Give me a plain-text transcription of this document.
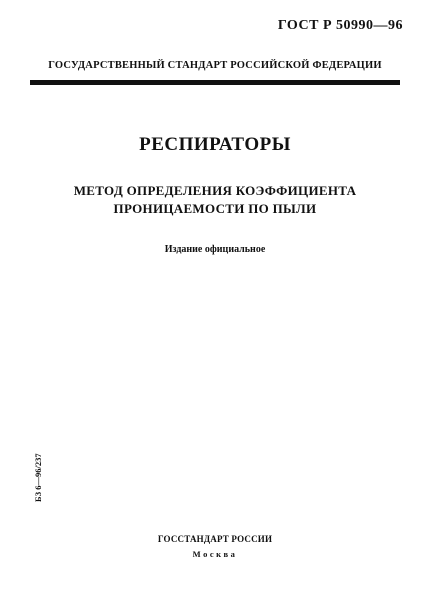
ГОСТ Р 50990—96
ГОСУДАРСТВЕННЫЙ СТАНДАРТ РОССИЙСКОЙ ФЕДЕРАЦИИ
РЕСПИРАТОРЫ
МЕТОД ОПРЕДЕЛЕНИЯ КОЭФФИЦИЕНТА
ПРОНИЦАЕМОСТИ ПО ПЫЛИ
Издание официальное
БЗ 6—96/237
ГОССТАНДАРТ РОССИИ
Москва
